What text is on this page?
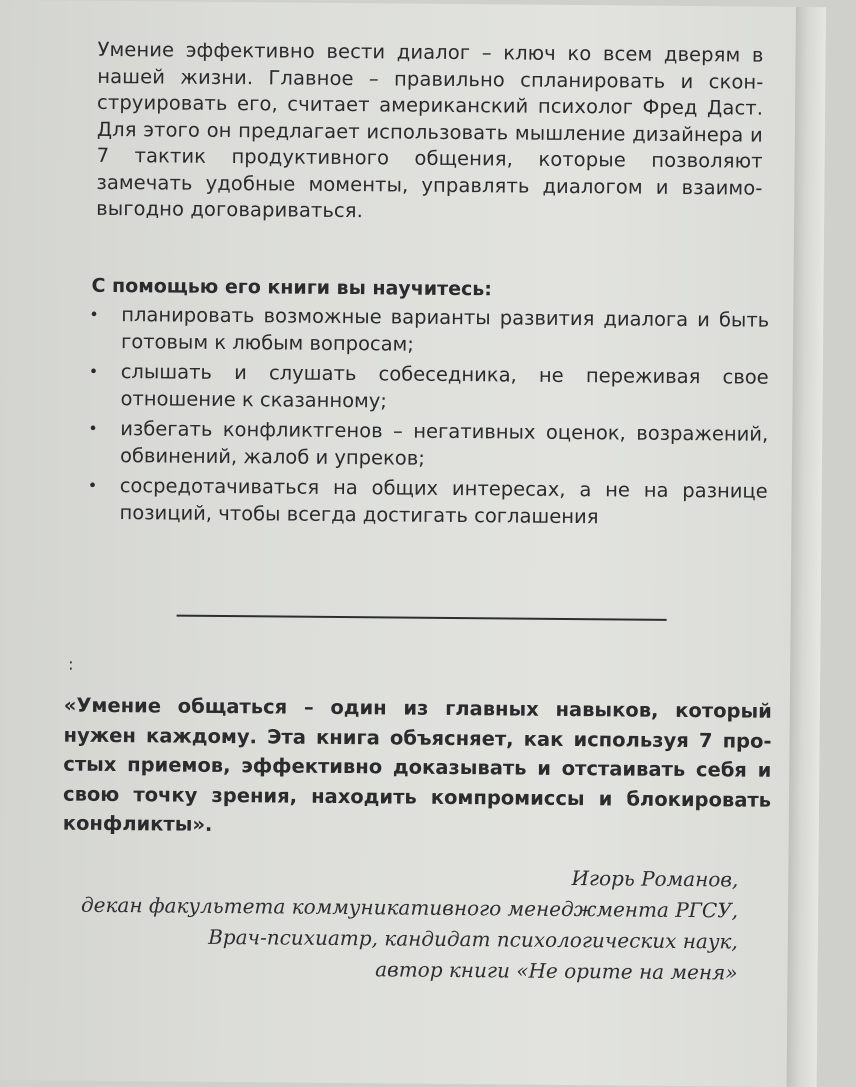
Умение эффективно вести диалог – ключ ко всем дверям в нашей жизни. Главное – правильно спланировать и сконструировать его, считает американский психолог Фред Даст. Для этого он предлагает использовать мышление дизайнера и 7 тактик продуктивного общения, которые позволяют замечать удобные моменты, управлять диалогом и взаимовыгодно договариваться.

С помощью его книги вы научитесь:

• планировать возможные варианты развития диалога и быть готовым к любым вопросам;
• слышать и слушать собеседника, не переживая свое отношение к сказанному;
• избегать конфликтгенов – негативных оценок, возражений, обвинений, жалоб и упреков;
• сосредотачиваться на общих интересах, а не на разнице позиций, чтобы всегда достигать соглашения

:

«Умение общаться – один из главных навыков, который нужен каждому. Эта книга объясняет, как используя 7 простых приемов, эффективно доказывать и отстаивать себя и свою точку зрения, находить компромиссы и блокировать конфликты».

Игорь Романов,
декан факультета коммуникативного менеджмента РГСУ,
Врач-психиатр, кандидат психологических наук,
автор книги «Не орите на меня»
